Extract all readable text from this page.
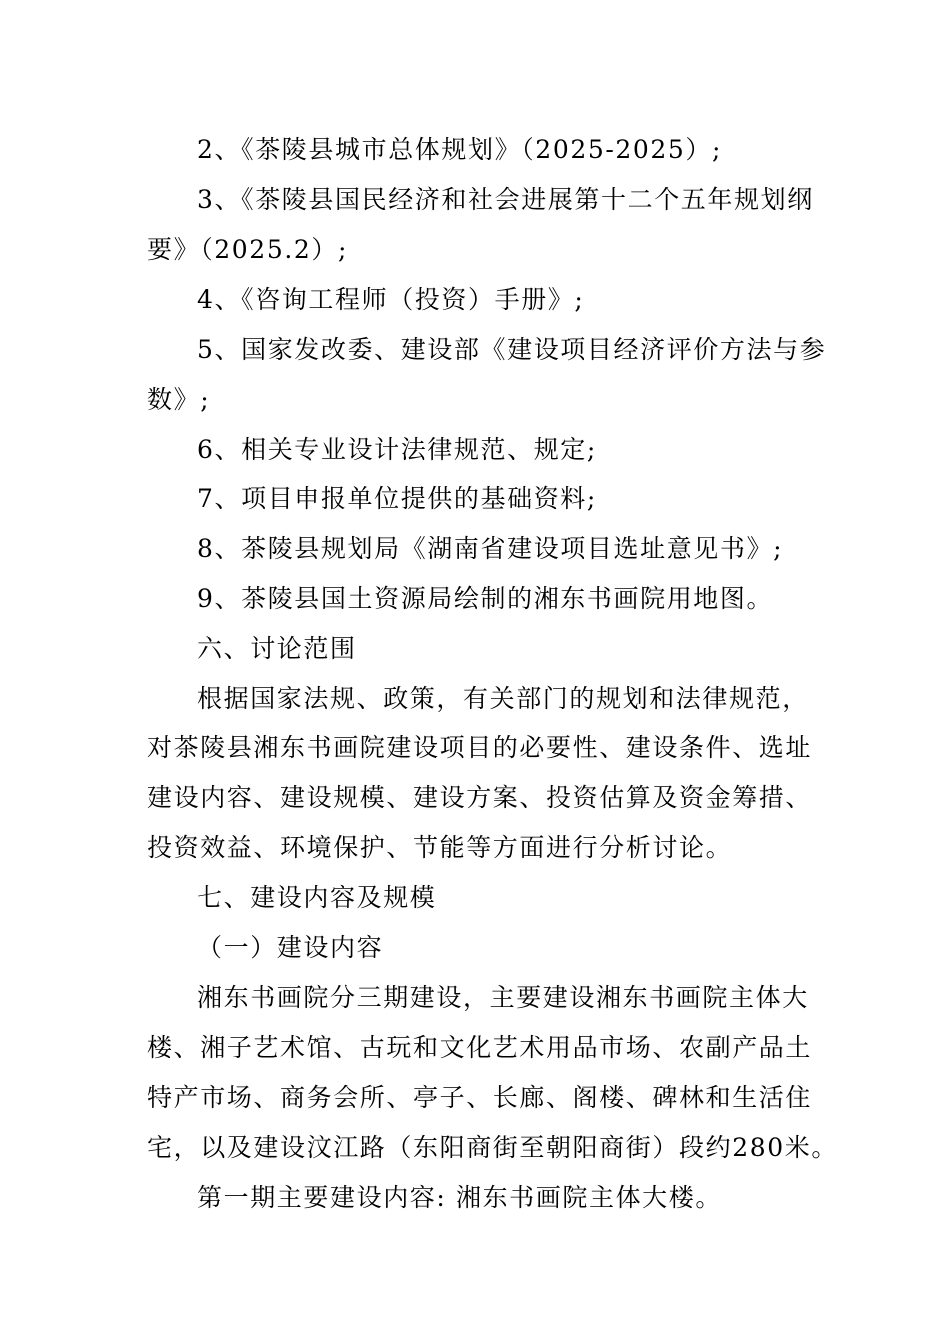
2、《茶陵县城市总体规划》（2025-2025）;
3、《茶陵县国民经济和社会进展第十二个五年规划纲
要》（2025.2）;
4、《咨询工程师（投资）手册》;
5、国家发改委、建设部《建设项目经济评价方法与参
数》;
6、相关专业设计法律规范、规定;
7、项目申报单位提供的基础资料;
8、茶陵县规划局《湖南省建设项目选址意见书》;
9、茶陵县国土资源局绘制的湘东书画院用地图。
六、讨论范围
根据国家法规、政策，有关部门的规划和法律规范，
对茶陵县湘东书画院建设项目的必要性、建设条件、选址
建设内容、建设规模、建设方案、投资估算及资金筹措、
投资效益、环境保护、节能等方面进行分析讨论。
七、建设内容及规模
（一）建设内容
湘东书画院分三期建设，主要建设湘东书画院主体大
楼、湘子艺术馆、古玩和文化艺术用品市场、农副产品土
特产市场、商务会所、亭子、长廊、阁楼、碑林和生活住
宅，以及建设汶江路（东阳商街至朝阳商街）段约280米。
第一期主要建设内容: 湘东书画院主体大楼。
